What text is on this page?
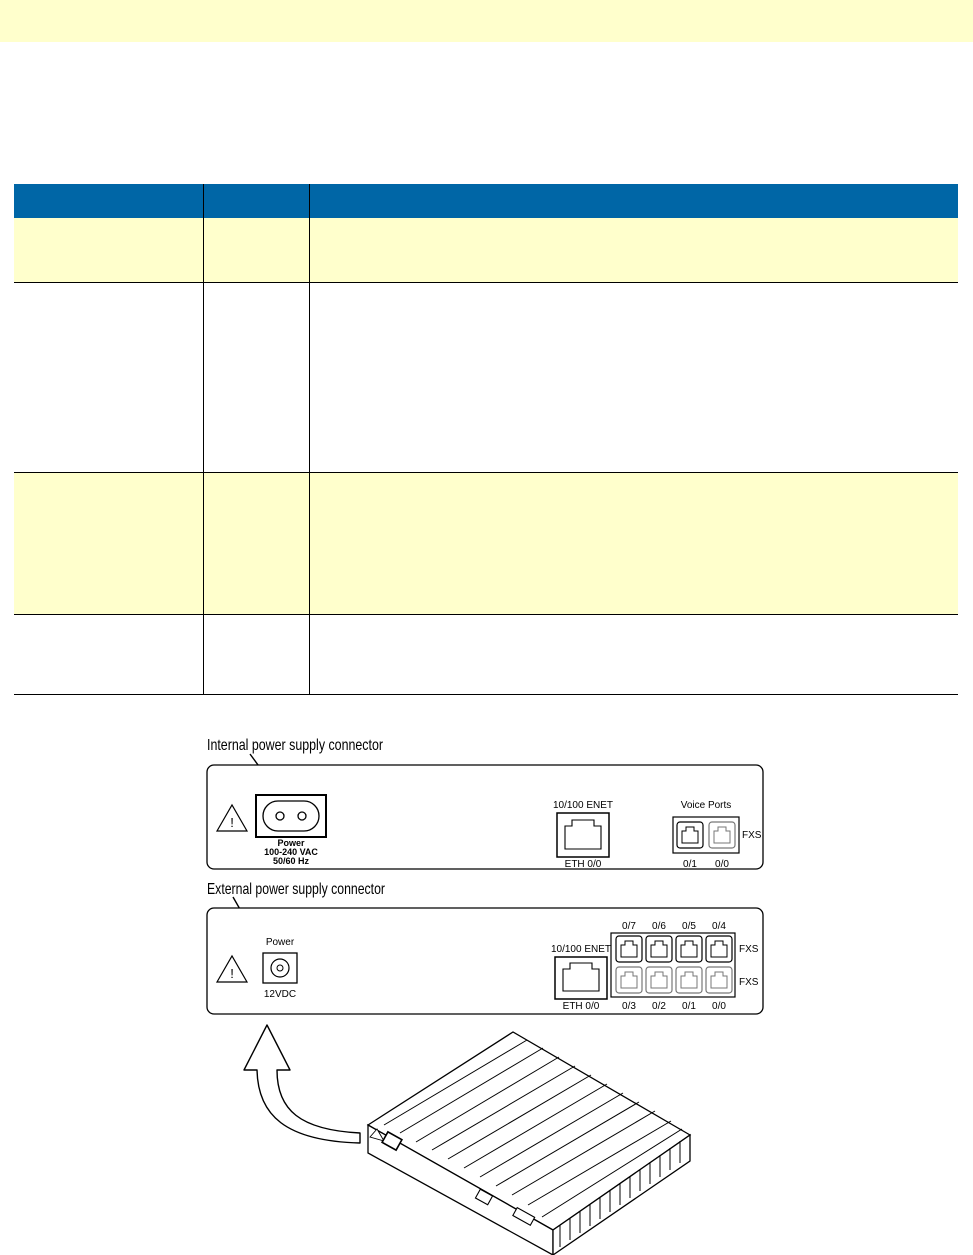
Internal power supply connector
!
Power
100-240 VAC
50/60 Hz
10/100 ENET
ETH 0/0
Voice Ports
FXS
0/1 0/0
External power supply connector
!
Power
12VDC
10/100 ENET
ETH 0/0
0/7 0/6 0/5 0/4
FXS
FXS
0/3 0/2 0/1 0/0
